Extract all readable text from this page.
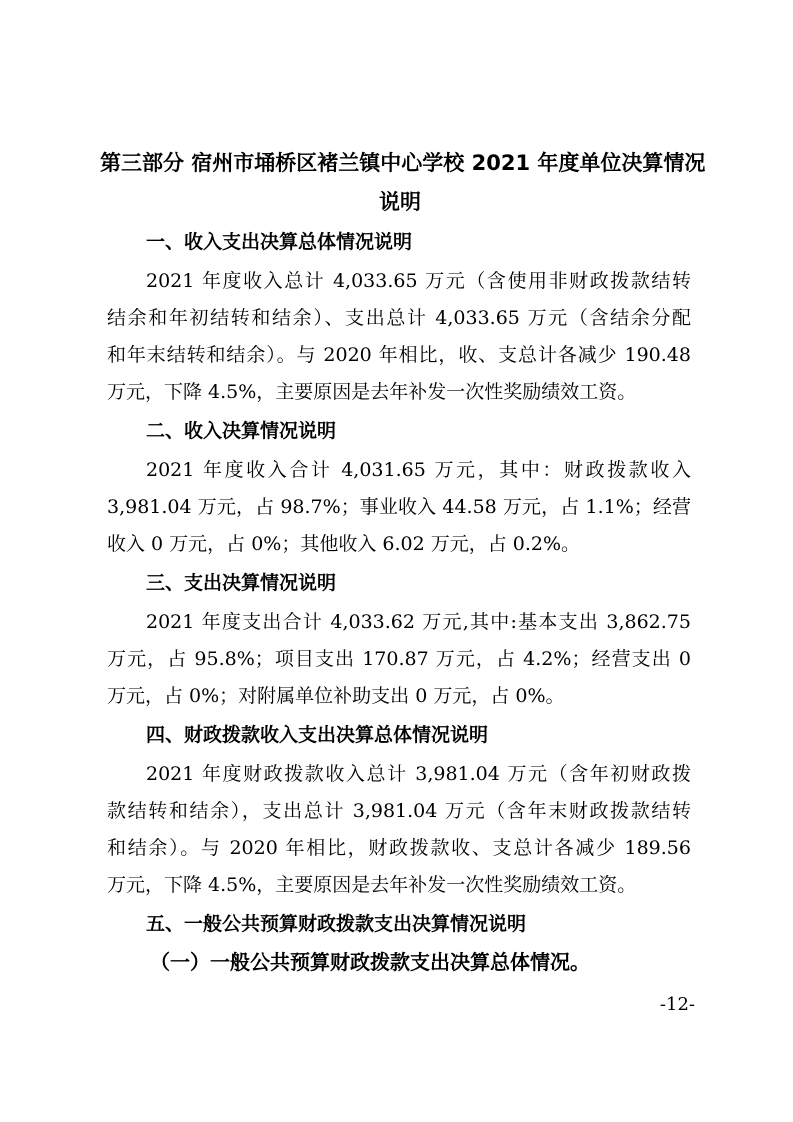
第三部分 宿州市埇桥区褚兰镇中心学校 2021 年度单位决算情况
说明
一、收入支出决算总体情况说明
2021 年度收入总计 4,033.65 万元（含使用非财政拨款结转
结余和年初结转和结余）、支出总计 4,033.65 万元（含结余分配
和年末结转和结余）。与 2020 年相比，收、支总计各减少 190.48
万元，下降 4.5%，主要原因是去年补发一次性奖励绩效工资。
二、收入决算情况说明
2021 年度收入合计 4,031.65 万元，其中：财政拨款收入
3,981.04 万元，占 98.7%；事业收入 44.58 万元，占 1.1%；经营
收入 0 万元，占 0%；其他收入 6.02 万元，占 0.2%。
三、支出决算情况说明
2021 年度支出合计 4,033.62 万元,其中:基本支出 3,862.75
万元，占 95.8%；项目支出 170.87 万元，占 4.2%；经营支出 0
万元，占 0%；对附属单位补助支出 0 万元，占 0%。
四、财政拨款收入支出决算总体情况说明
2021 年度财政拨款收入总计 3,981.04 万元（含年初财政拨
款结转和结余），支出总计 3,981.04 万元（含年末财政拨款结转
和结余）。与 2020 年相比，财政拨款收、支总计各减少 189.56
万元，下降 4.5%，主要原因是去年补发一次性奖励绩效工资。
五、一般公共预算财政拨款支出决算情况说明
（一）一般公共预算财政拨款支出决算总体情况。
-12-
